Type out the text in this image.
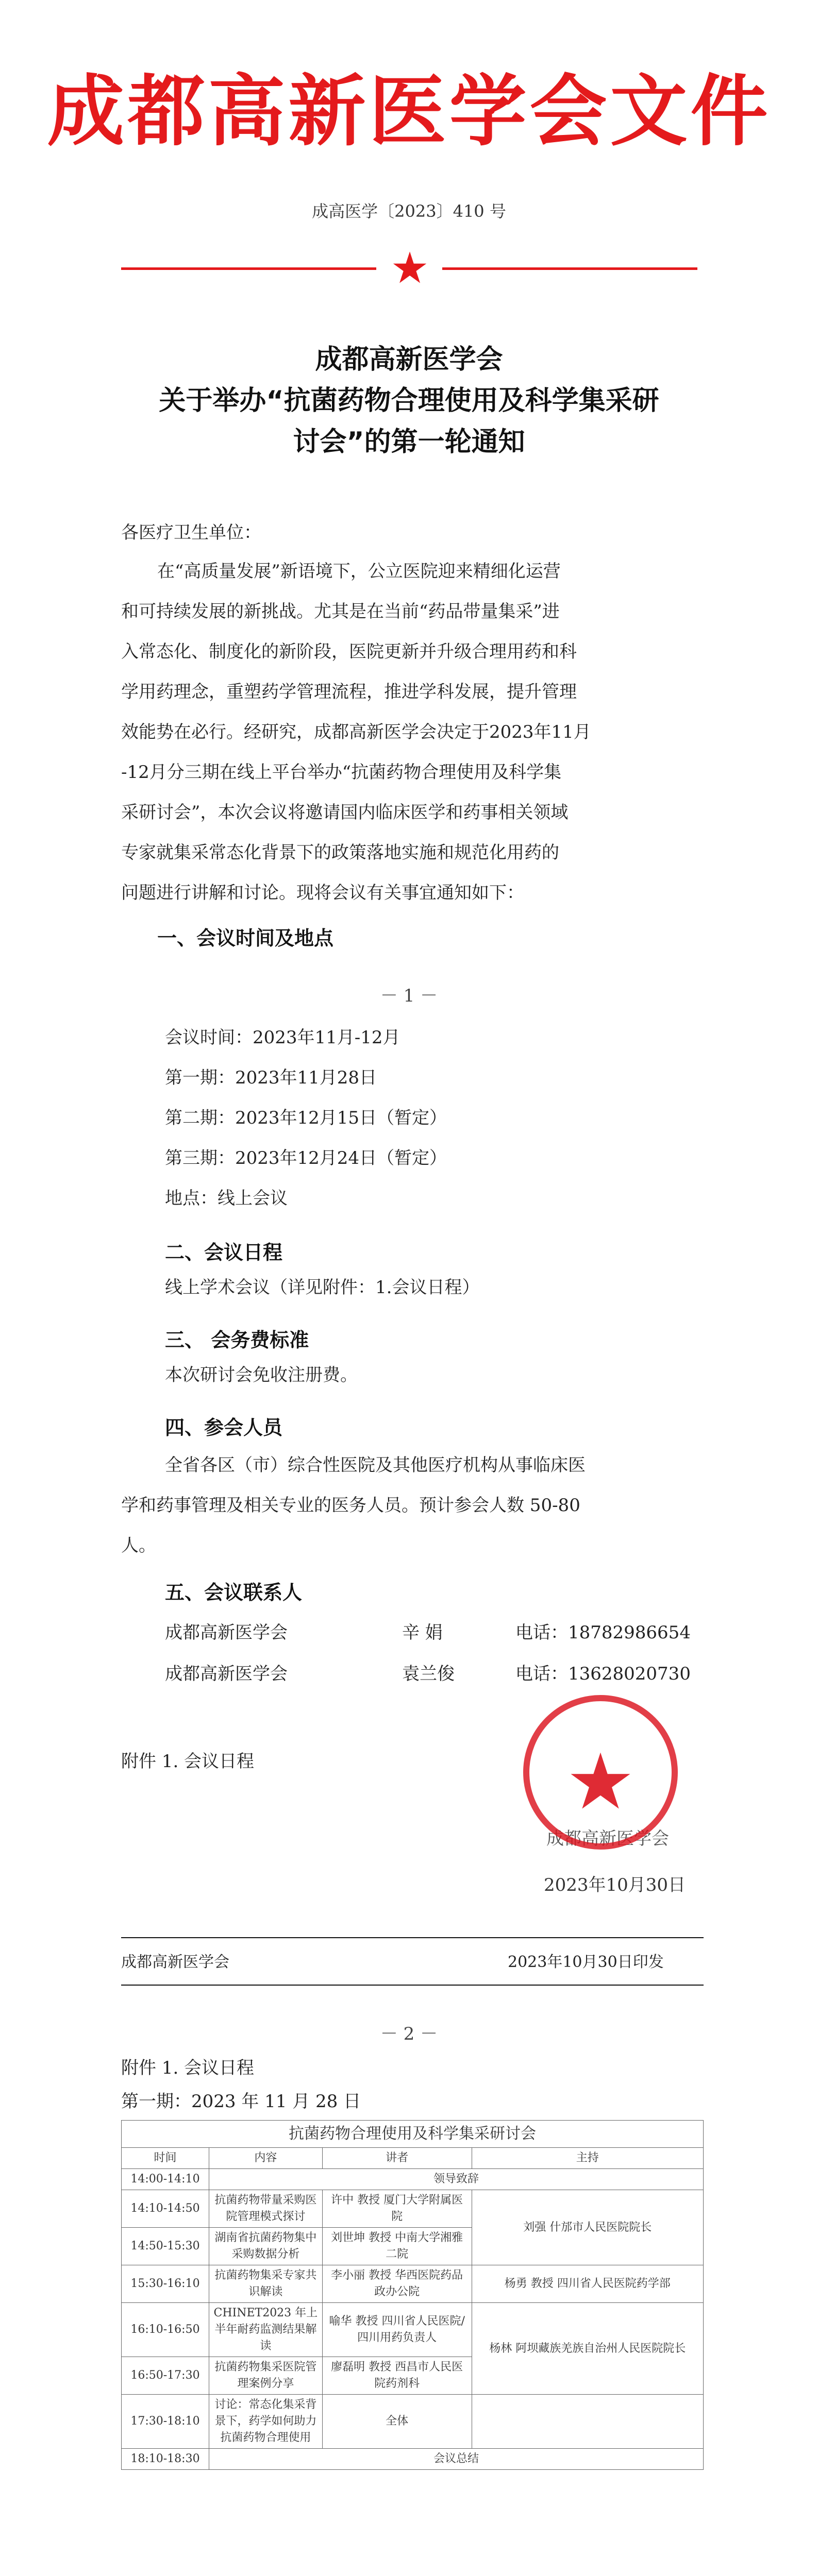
成都高新医学会文件
成高医学〔2023〕410 号
★
成都高新医学会
关于举办“抗菌药物合理使用及科学集采研
讨会”的第一轮通知
各医疗卫生单位：
在“高质量发展”新语境下，公立医院迎来精细化运营
和可持续发展的新挑战。尤其是在当前“药品带量集采”进
入常态化、制度化的新阶段，医院更新并升级合理用药和科
学用药理念，重塑药学管理流程，推进学科发展，提升管理
效能势在必行。经研究，成都高新医学会决定于2023年11月
-12月分三期在线上平台举办“抗菌药物合理使用及科学集
采研讨会”，本次会议将邀请国内临床医学和药事相关领域
专家就集采常态化背景下的政策落地实施和规范化用药的
问题进行讲解和讨论。现将会议有关事宜通知如下：
一、会议时间及地点
－ 1 －
会议时间：2023年11月-12月
第一期：2023年11月28日
第二期：2023年12月15日（暂定）
第三期：2023年12月24日（暂定）
地点：线上会议
二、会议日程
线上学术会议（详见附件：1.会议日程）
三、 会务费标准
本次研讨会免收注册费。
四、参会人员
全省各区（市）综合性医院及其他医疗机构从事临床医
学和药事管理及相关专业的医务人员。预计参会人数 50-80
人。
五、会议联系人
成都高新医学会	辛 娟	电话：18782986654
成都高新医学会	袁兰俊	电话：13628020730
附件 1. 会议日程
成都高新医学会
2023年10月30日
★
成都高新医学会	2023年10月30日印发
－ 2 －
附件 1. 会议日程
第一期：2023 年 11 月 28 日
抗菌药物合理使用及科学集采研讨会			
时间	内容	讲者	主持
14:00-14:10	领导致辞		
14:10-14:50	抗菌药物带量采购医院管理模式探讨	许中 教授 厦门大学附属医院	刘强 什邡市人民医院院长
14:50-15:30	湖南省抗菌药物集中采购数据分析	刘世坤 教授 中南大学湘雅二院	
15:30-16:10	抗菌药物集采专家共识解读	李小丽 教授 华西医院药品政办公院	杨勇 教授 四川省人民医院药学部
16:10-16:50	CHINET2023 年上半年耐药监测结果解读	喻华 教授 四川省人民医院/四川用药负责人	杨林 阿坝藏族羌族自治州人民医院院长
16:50-17:30	抗菌药物集采医院管理案例分享	廖磊明 教授 西昌市人民医院药剂科	
17:30-18:10	讨论：常态化集采背景下，药学如何助力抗菌药物合理使用	全体	
18:10-18:30	会议总结		
